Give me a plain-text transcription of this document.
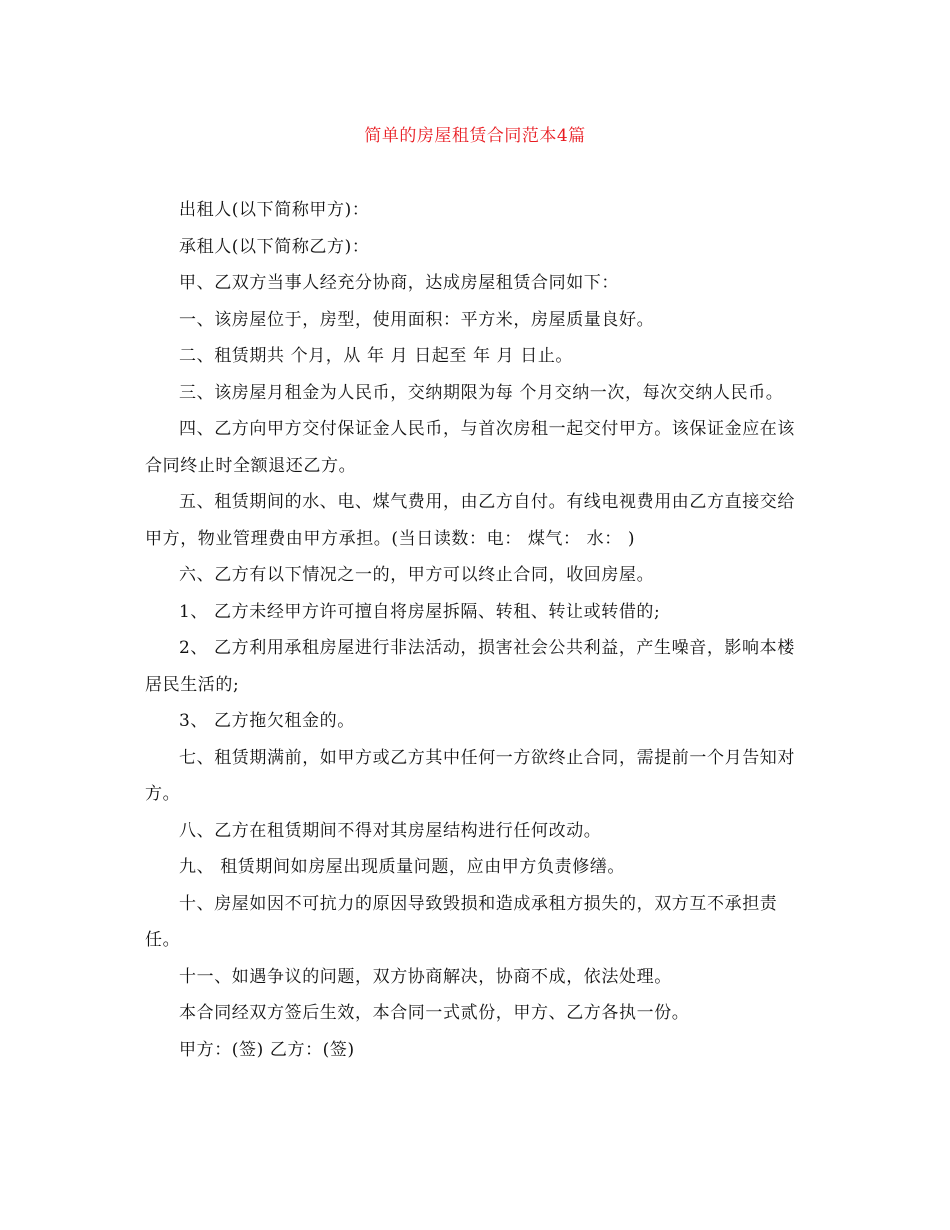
简单的房屋租赁合同范本4篇

出租人(以下简称甲方)：

承租人(以下简称乙方)：

甲、乙双方当事人经充分协商，达成房屋租赁合同如下：

一、该房屋位于，房型，使用面积：平方米，房屋质量良好。

二、租赁期共 个月，从 年 月 日起至 年 月 日止。

三、该房屋月租金为人民币，交纳期限为每 个月交纳一次，每次交纳人民币。

四、乙方向甲方交付保证金人民币，与首次房租一起交付甲方。该保证金应在该合同终止时全额退还乙方。

五、租赁期间的水、电、煤气费用，由乙方自付。有线电视费用由乙方直接交给甲方，物业管理费由甲方承担。(当日读数：电： 煤气： 水： )

六、乙方有以下情况之一的，甲方可以终止合同，收回房屋。

1、 乙方未经甲方许可擅自将房屋拆隔、转租、转让或转借的;

2、 乙方利用承租房屋进行非法活动，损害社会公共利益，产生噪音，影响本楼居民生活的;

3、 乙方拖欠租金的。

七、租赁期满前，如甲方或乙方其中任何一方欲终止合同，需提前一个月告知对方。

八、乙方在租赁期间不得对其房屋结构进行任何改动。

九、 租赁期间如房屋出现质量问题，应由甲方负责修缮。

十、房屋如因不可抗力的原因导致毁损和造成承租方损失的，双方互不承担责任。

十一、如遇争议的问题，双方协商解决，协商不成，依法处理。

本合同经双方签后生效，本合同一式贰份，甲方、乙方各执一份。

甲方：(签) 乙方：(签)
